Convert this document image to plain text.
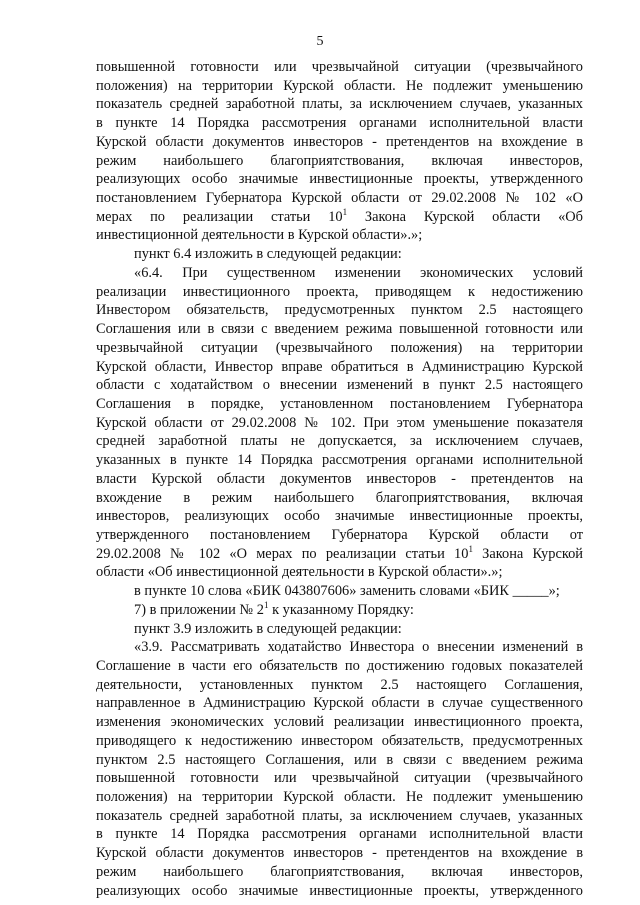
5
повышенной готовности или чрезвычайной ситуации (чрезвычайного
положения) на территории Курской области. Не подлежит уменьшению
показатель средней заработной платы, за исключением случаев, указанных
в пункте 14 Порядка рассмотрения органами исполнительной власти
Курской области документов инвесторов - претендентов на вхождение в
режим наибольшего благоприятствования, включая инвесторов,
реализующих особо значимые инвестиционные проекты, утвержденного
постановлением Губернатора Курской области от 29.02.2008 № 102 «О
мерах по реализации статьи $10^1$ Закона Курской области «Об
инвестиционной деятельности в Курской области».»;
пункт 6.4 изложить в следующей редакции:
«6.4. При существенном изменении экономических условий
реализации инвестиционного проекта, приводящем к недостижению
Инвестором обязательств, предусмотренных пунктом 2.5 настоящего
Соглашения или в связи с введением режима повышенной готовности или
чрезвычайной ситуации (чрезвычайного положения) на территории
Курской области, Инвестор вправе обратиться в Администрацию Курской
области с ходатайством о внесении изменений в пункт 2.5 настоящего
Соглашения в порядке, установленном постановлением Губернатора
Курской области от 29.02.2008 № 102. При этом уменьшение показателя
средней заработной платы не допускается, за исключением случаев,
указанных в пункте 14 Порядка рассмотрения органами исполнительной
власти Курской области документов инвесторов - претендентов на
вхождение в режим наибольшего благоприятствования, включая
инвесторов, реализующих особо значимые инвестиционные проекты,
утвержденного постановлением Губернатора Курской области от
29.02.2008 № 102 «О мерах по реализации статьи $10^1$ Закона Курской
области «Об инвестиционной деятельности в Курской области».»;
в пункте 10 слова «БИК 043807606» заменить словами «БИК _____»;
7) в приложении № $2^1$ к указанному Порядку:
пункт 3.9 изложить в следующей редакции:
«3.9. Рассматривать ходатайство Инвестора о внесении изменений в
Соглашение в части его обязательств по достижению годовых показателей
деятельности, установленных пунктом 2.5 настоящего Соглашения,
направленное в Администрацию Курской области в случае существенного
изменения экономических условий реализации инвестиционного проекта,
приводящего к недостижению инвестором обязательств, предусмотренных
пунктом 2.5 настоящего Соглашения, или в связи с введением режима
повышенной готовности или чрезвычайной ситуации (чрезвычайного
положения) на территории Курской области. Не подлежит уменьшению
показатель средней заработной платы, за исключением случаев, указанных
в пункте 14 Порядка рассмотрения органами исполнительной власти
Курской области документов инвесторов - претендентов на вхождение в
режим наибольшего благоприятствования, включая инвесторов,
реализующих особо значимые инвестиционные проекты, утвержденного
